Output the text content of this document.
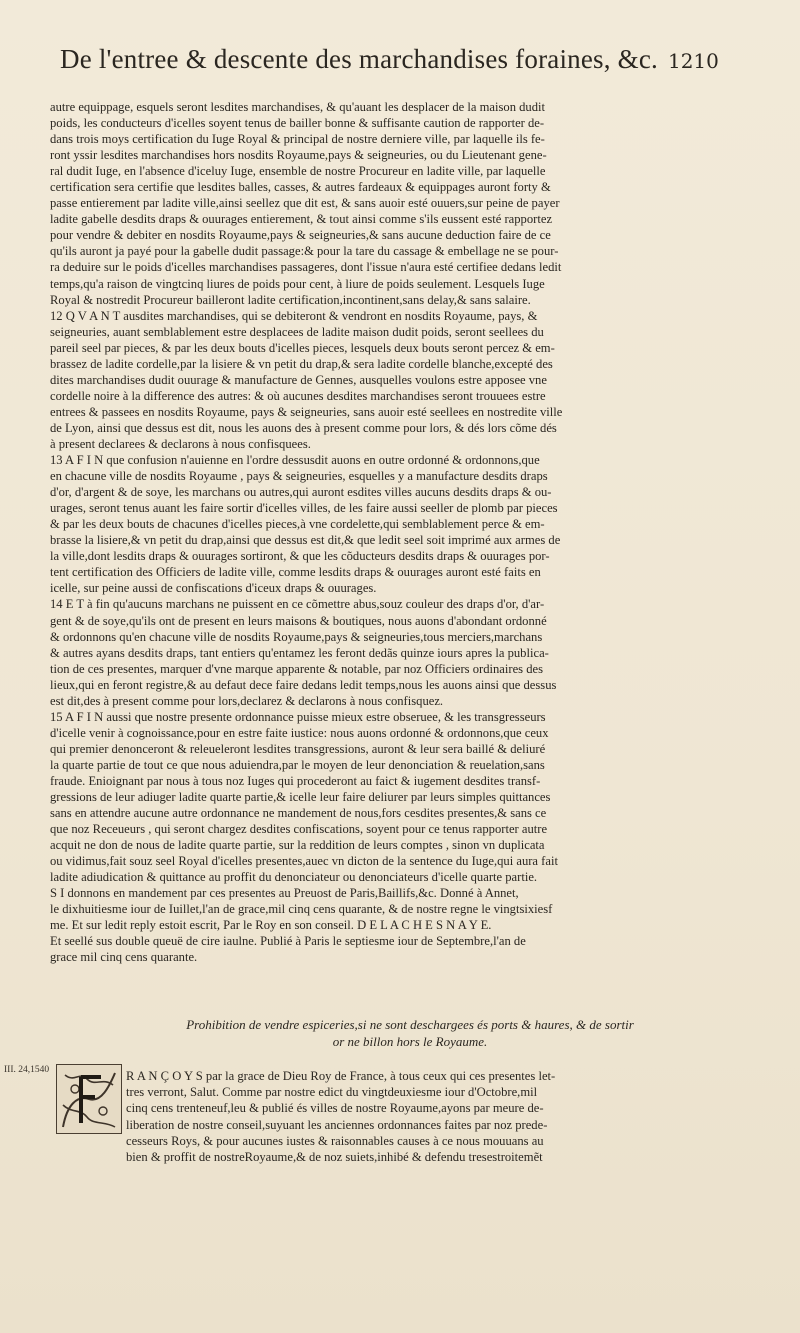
De l'entree & descente des marchandises foraines, &c. 1210
autre equippage, esquels seront lesdites marchandises, & qu'auant les desplacer de la maison dudit
poids, les conducteurs d'icelles soyent tenus de bailler bonne & suffisante caution de rapporter de-
dans trois moys certification du Iuge Royal & principal de nostre derniere ville, par laquelle ils fe-
ront yssir lesdites marchandises hors nosdits Royaume,pays & seigneuries, ou du Lieutenant gene-
ral dudit Iuge, en l'absence d'iceluy Iuge, ensemble de nostre Procureur en ladite ville, par laquelle
certification sera certifie que lesdites balles, casses, & autres fardeaux & equippages auront forty &
passe entierement par ladite ville,ainsi seellez que dit est, & sans auoir esté ouuers,sur peine de payer
ladite gabelle desdits draps & ouurages entierement, & tout ainsi comme s'ils eussent esté rapportez
pour vendre & debiter en nosdits Royaume,pays & seigneuries,& sans aucune deduction faire de ce
qu'ils auront ja payé pour la gabelle dudit passage:& pour la tare du cassage & embellage ne se pour-
ra deduire sur le poids d'icelles marchandises passageres, dont l'issue n'aura esté certifiee dedans ledit
temps,qu'a raison de vingtcinq liures de poids pour cent, à liure de poids seulement. Lesquels Iuge
Royal & nostredit Procureur bailleront ladite certification,incontinent,sans delay,& sans salaire.
12 Q V A N T ausdites marchandises, qui se debiteront & vendront en nosdits Royaume, pays, &
seigneuries, auant semblablement estre desplacees de ladite maison dudit poids, seront seellees du
pareil seel par pieces, & par les deux bouts d'icelles pieces, lesquels deux bouts seront percez & em-
brassez de ladite cordelle,par la lisiere & vn petit du drap,& sera ladite cordelle blanche,excepté des
dites marchandises dudit ouurage & manufacture de Gennes, ausquelles voulons estre apposee vne
cordelle noire à la difference des autres: & où aucunes desdites marchandises seront trouuees estre
entrees & passees en nosdits Royaume, pays & seigneuries, sans auoir esté seellees en nostredite ville
de Lyon, ainsi que dessus est dit, nous les auons des à present comme pour lors, & dés lors cõme dés
à present declarees & declarons à nous confisquees.
13 A F I N que confusion n'auienne en l'ordre dessusdit auons en outre ordonné & ordonnons,que
en chacune ville de nosdits Royaume , pays & seigneuries, esquelles y a manufacture desdits draps
d'or, d'argent & de soye, les marchans ou autres,qui auront esdites villes aucuns desdits draps & ou-
urages, seront tenus auant les faire sortir d'icelles villes, de les faire aussi seeller de plomb par pieces
& par les deux bouts de chacunes d'icelles pieces,à vne cordelette,qui semblablement perce & em-
brasse la lisiere,& vn petit du drap,ainsi que dessus est dit,& que ledit seel soit imprimé aux armes de
la ville,dont lesdits draps & ouurages sortiront, & que les cõducteurs desdits draps & ouurages por-
tent certification des Officiers de ladite ville, comme lesdits draps & ouurages auront esté faits en
icelle, sur peine aussi de confiscations d'iceux draps & ouurages.
14 E T à fin qu'aucuns marchans ne puissent en ce cõmettre abus,souz couleur des draps d'or, d'ar-
gent & de soye,qu'ils ont de present en leurs maisons & boutiques, nous auons d'abondant ordonné
& ordonnons qu'en chacune ville de nosdits Royaume,pays & seigneuries,tous merciers,marchans
& autres ayans desdits draps, tant entiers qu'entamez les feront dedãs quinze iours apres la publica-
tion de ces presentes, marquer d'vne marque apparente & notable, par noz Officiers ordinaires des
lieux,qui en feront registre,& au defaut dece faire dedans ledit temps,nous les auons ainsi que dessus
est dit,des à present comme pour lors,declarez & declarons à nous confisquez.
15 A F I N aussi que nostre presente ordonnance puisse mieux estre obseruee, & les transgresseurs
d'icelle venir à cognoissance,pour en estre faite iustice: nous auons ordonné & ordonnons,que ceux
qui premier denonceront & releueleront lesdites transgressions, auront & leur sera baillé & deliuré
la quarte partie de tout ce que nous aduiendra,par le moyen de leur denonciation & reuelation,sans
fraude. Enioignant par nous à tous noz Iuges qui procederont au faict & iugement desdites transf-
gressions de leur adiuger ladite quarte partie,& icelle leur faire deliurer par leurs simples quittances
sans en attendre aucune autre ordonnance ne mandement de nous,fors cesdites presentes,& sans ce
que noz Receueurs , qui seront chargez desdites confiscations, soyent pour ce tenus rapporter autre
acquit ne don de nous de ladite quarte partie, sur la reddition de leurs comptes , sinon vn duplicata
ou vidimus,fait souz seel Royal d'icelles presentes,auec vn dicton de la sentence du Iuge,qui aura fait
ladite adiudication & quittance au proffit du denonciateur ou denonciateurs d'icelle quarte partie.
S I donnons en mandement par ces presentes au Preuost de Paris,Baillifs,&c. Donné à Annet,
le dixhuitiesme iour de Iuillet,l'an de grace,mil cinq cens quarante, & de nostre regne le vingtsixiesf
me. Et sur ledit reply estoit escrit, Par le Roy en son conseil. D E L A C H E S N A Y E.
Et seellé sus double queuë de cire iaulne. Publié à Paris le septiesme iour de Septembre,l'an de
grace mil cinq cens quarante.
Prohibition de vendre espiceries,si ne sont deschargees és ports & haures, & de sortir
or ne billon hors le Royaume.
III. 24,1540	R A N Ç O Y S par la grace de Dieu Roy de France, à tous ceux qui ces presentes let-
tres verront, Salut. Comme par nostre edict du vingtdeuxiesme iour d'Octobre,mil
cinq cens trenteneuf,leu & publié és villes de nostre Royaume,ayons par meure de-
liberation de nostre conseil,suyuant les anciennes ordonnances faites par noz prede-
cesseurs Roys, & pour aucunes iustes & raisonnables causes à ce nous mouuans au
bien & proffit de nostreRoyaume,& de noz suiets,inhibé & defendu tresestroitemẽt
